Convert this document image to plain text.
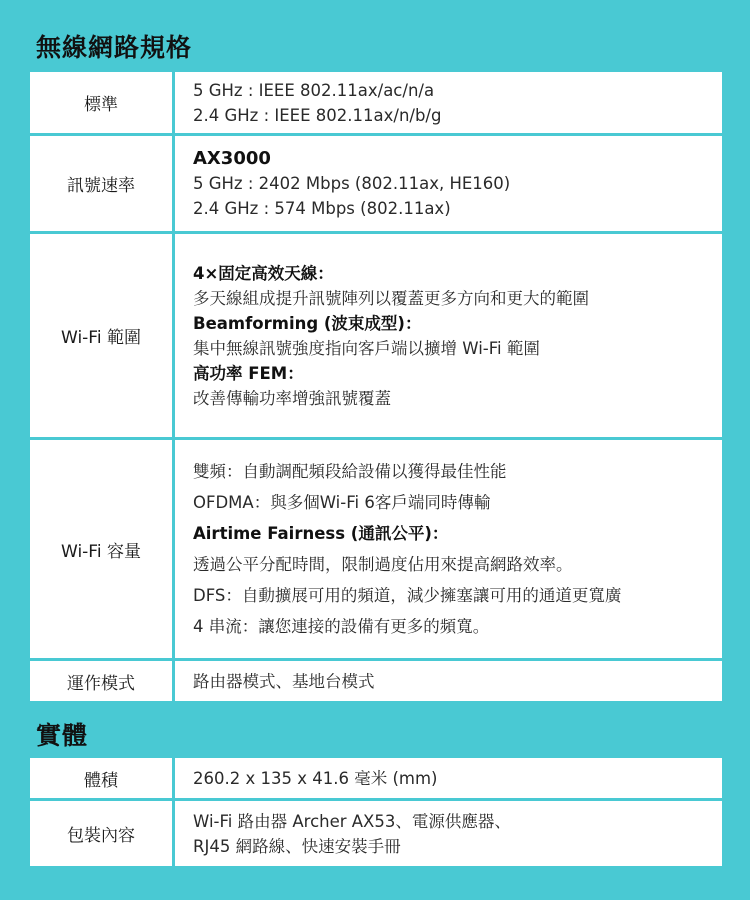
無線網路規格
標準
5 GHz : IEEE 802.11ax/ac/n/a
2.4 GHz : IEEE 802.11ax/n/b/g
訊號速率
AX3000
5 GHz : 2402 Mbps (802.11ax, HE160)
2.4 GHz : 574 Mbps (802.11ax)
Wi-Fi 範圍
4×固定高效天線：
多天線組成提升訊號陣列以覆蓋更多方向和更大的範圍
Beamforming (波束成型)：
集中無線訊號強度指向客戶端以擴增 Wi-Fi 範圍
高功率 FEM：
改善傳輸功率增強訊號覆蓋
Wi-Fi 容量
雙頻：自動調配頻段給設備以獲得最佳性能
OFDMA：與多個Wi-Fi 6客戶端同時傳輸
Airtime Fairness (通訊公平)：
透過公平分配時間，限制過度佔用來提高網路效率。
DFS：自動擴展可用的頻道，減少擁塞讓可用的通道更寬廣
4 串流：讓您連接的設備有更多的頻寬。
運作模式	路由器模式、基地台模式
實體
體積	260.2 x 135 x 41.6 毫米 (mm)
包裝內容
Wi-Fi 路由器 Archer AX53、電源供應器、
RJ45 網路線、快速安裝手冊
